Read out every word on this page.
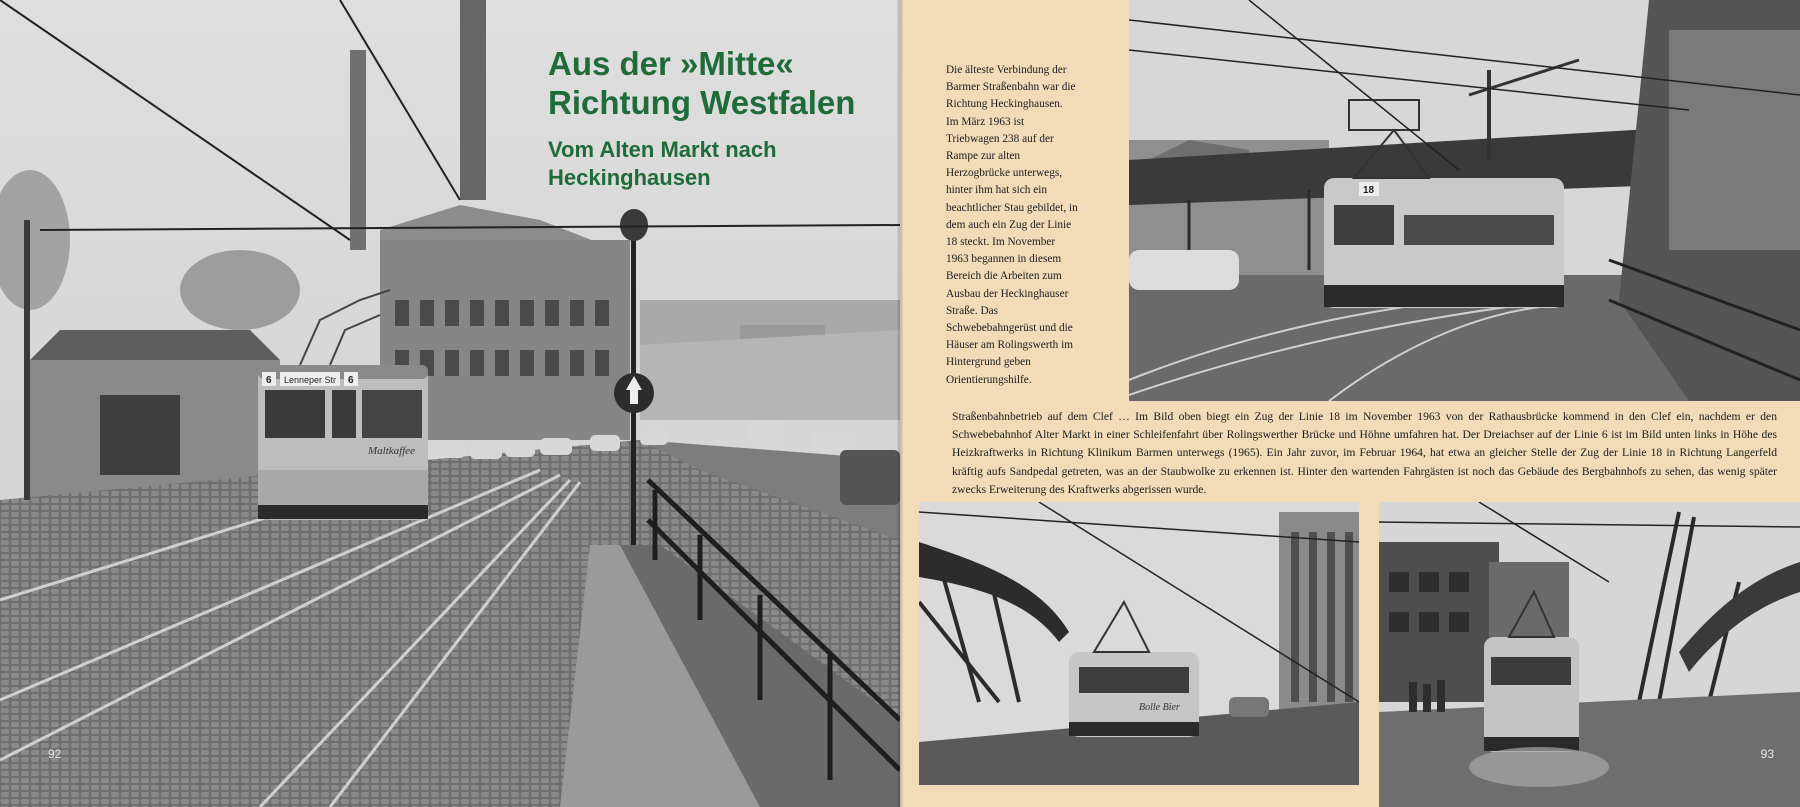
Lenneper Str
6	6
Maltkaffee
Aus der »Mitte«
Richtung Westfalen
Vom Alten Markt nach
Heckinghausen
92

Die älteste Verbindung der Barmer Straßenbahn war die Richtung Heckinghausen. Im März 1963 ist Triebwagen 238 auf der Rampe zur alten Herzogbrücke unterwegs, hinter ihm hat sich ein beachtlicher Stau gebildet, in dem auch ein Zug der Linie 18 steckt. Im November 1963 begannen in diesem Bereich die Arbeiten zum Ausbau der Heckinghauser Straße. Das Schwebebahngerüst und die Häuser am Rolingswerth im Hintergrund geben Orientierungshilfe.

18

Straßenbahnbetrieb auf dem Clef … Im Bild oben biegt ein Zug der Linie 18 im November 1963 von der Rathausbrücke kommend in den Clef ein, nachdem er den Schwebebahnhof Alter Markt in einer Schleifenfahrt über Rolingswerther Brücke und Höhne umfahren hat. Der Dreiachser auf der Linie 6 ist im Bild unten links in Höhe des Heizkraftwerks in Richtung Klinikum Barmen unterwegs (1965). Ein Jahr zuvor, im Februar 1964, hat etwa an gleicher Stelle der Zug der Linie 18 in Richtung Langerfeld kräftig aufs Sandpedal getreten, was an der Staubwolke zu erkennen ist. Hinter den wartenden Fahrgästen ist noch das Gebäude des Bergbahnhofs zu sehen, das wenig später zwecks Erweiterung des Kraftwerks abgerissen wurde.

Bolle Bier
93
